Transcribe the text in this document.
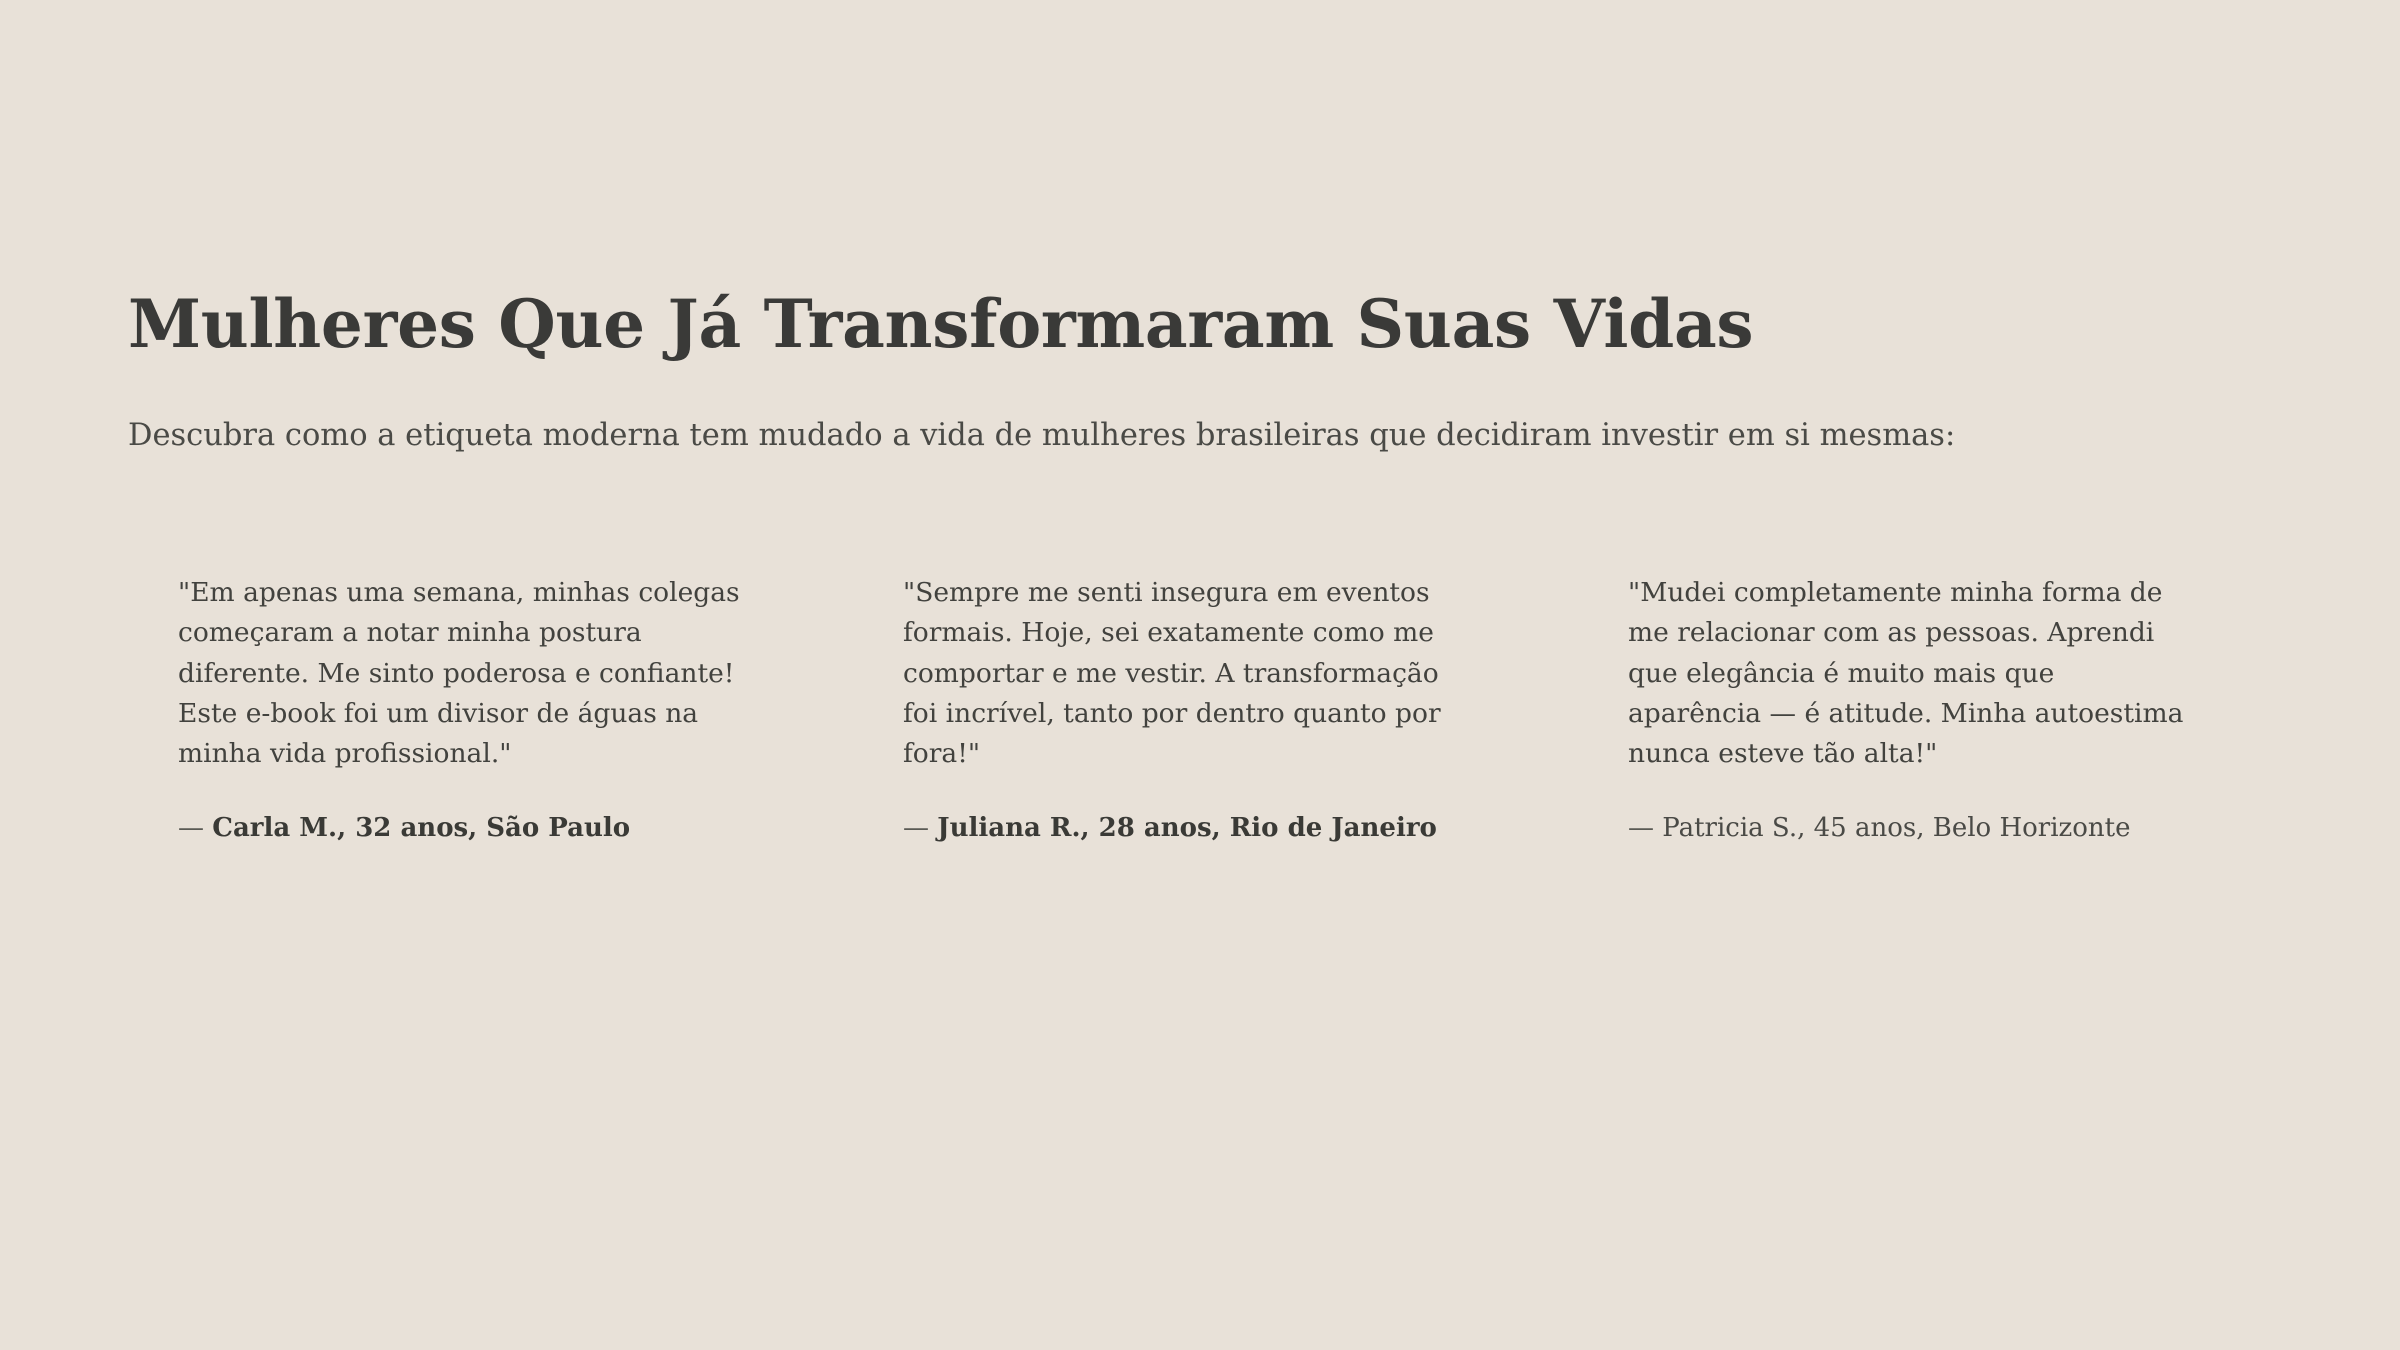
Mulheres Que Já Transformaram Suas Vidas

Descubra como a etiqueta moderna tem mudado a vida de mulheres brasileiras que decidiram investir em si mesmas:

"Em apenas uma semana, minhas colegas começaram a notar minha postura diferente. Me sinto poderosa e confiante! Este e-book foi um divisor de águas na minha vida profissional."

— Carla M., 32 anos, São Paulo

"Sempre me senti insegura em eventos formais. Hoje, sei exatamente como me comportar e me vestir. A transformação foi incrível, tanto por dentro quanto por fora!"

— Juliana R., 28 anos, Rio de Janeiro

"Mudei completamente minha forma de me relacionar com as pessoas. Aprendi que elegância é muito mais que aparência — é atitude. Minha autoestima nunca esteve tão alta!"

— Patricia S., 45 anos, Belo Horizonte
